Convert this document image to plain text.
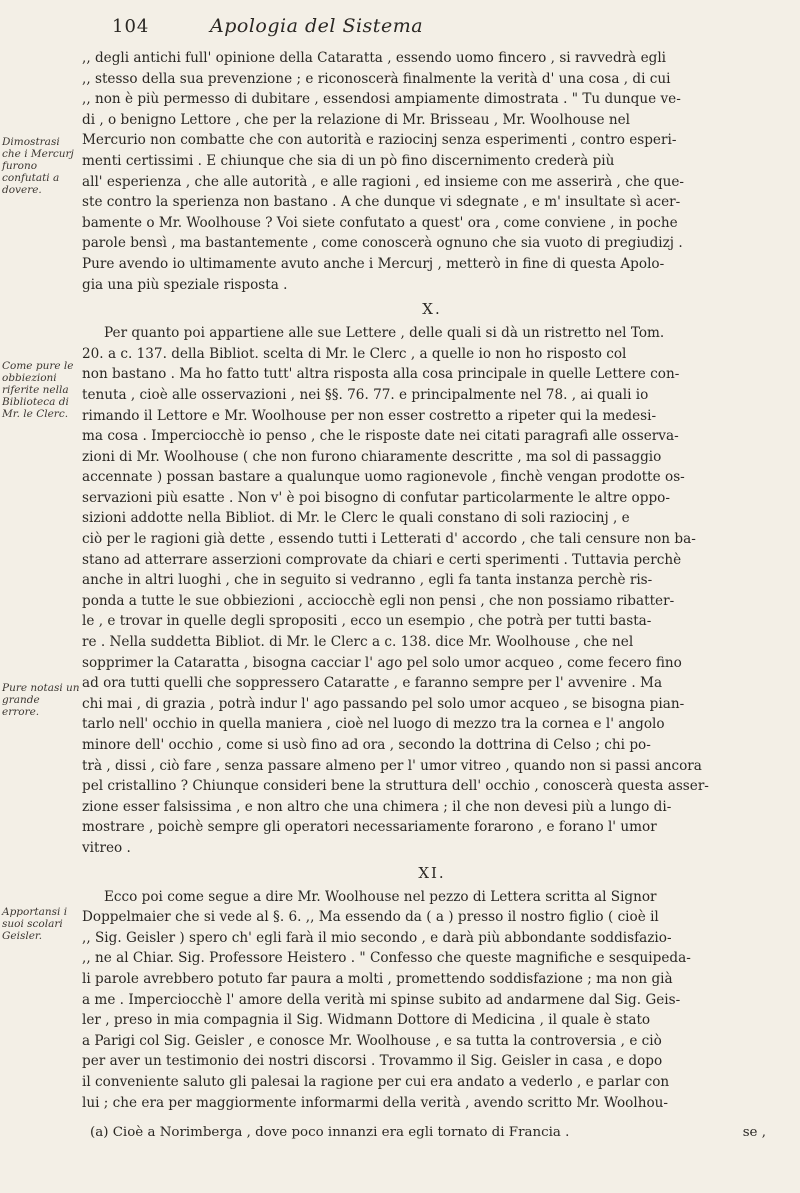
104	Apologia del Sistema
Dimostrasi che i Mercurj furono confutati a dovere.
Come pure le obbiezioni riferite nella Biblioteca di Mr. le Clerc.
Pure notasi un grande errore.
Apportansi i suoi scolari Geisler.
,, degli antichi full' opinione della Cataratta , essendo uomo fincero , si ravvedrà egli
,, stesso della sua prevenzione ; e riconoscerà finalmente la verità d' una cosa , di cui
,, non è più permesso di dubitare , essendosi ampiamente dimostrata . " Tu dunque ve-
di , o benigno Lettore , che per la relazione di Mr. Brisseau , Mr. Woolhouse nel
Mercurio non combatte che con autorità e raziocinj senza esperimenti , contro esperi-
menti certissimi . E chiunque che sia di un pò fino discernimento crederà più
all' esperienza , che alle autorità , e alle ragioni , ed insieme con me asserirà , che que-
ste contro la sperienza non bastano . A che dunque vi sdegnate , e m' insultate sì acer-
bamente o Mr. Woolhouse ? Voi siete confutato a quest' ora , come conviene , in poche
parole bensì , ma bastantemente , come conoscerà ognuno che sia vuoto di pregiudizj .
Pure avendo io ultimamente avuto anche i Mercurj , metterò in fine di questa Apolo-
gia una più speziale risposta .
X.
Per quanto poi appartiene alle sue Lettere , delle quali si dà un ristretto nel Tom.
20. a c. 137. della Bibliot. scelta di Mr. le Clerc , a quelle io non ho risposto col
non bastano . Ma ho fatto tutt' altra risposta alla cosa principale in quelle Lettere con-
tenuta , cioè alle osservazioni , nei §§. 76. 77. e principalmente nel 78. , ai quali io
rimando il Lettore e Mr. Woolhouse per non esser costretto a ripeter qui la medesi-
ma cosa . Imperciocchè io penso , che le risposte date nei citati paragrafi alle osserva-
zioni di Mr. Woolhouse ( che non furono chiaramente descritte , ma sol di passaggio
accennate ) possan bastare a qualunque uomo ragionevole , finchè vengan prodotte os-
servazioni più esatte . Non v' è poi bisogno di confutar particolarmente le altre oppo-
sizioni addotte nella Bibliot. di Mr. le Clerc le quali constano di soli raziocinj , e
ciò per le ragioni già dette , essendo tutti i Letterati d' accordo , che tali censure non ba-
stano ad atterrare asserzioni comprovate da chiari e certi sperimenti . Tuttavia perchè
anche in altri luoghi , che in seguito si vedranno , egli fa tanta instanza perchè ris-
ponda a tutte le sue obbiezioni , acciocchè egli non pensi , che non possiamo ribatter-
le , e trovar in quelle degli spropositi , ecco un esempio , che potrà per tutti basta-
re . Nella suddetta Bibliot. di Mr. le Clerc a c. 138. dice Mr. Woolhouse , che nel
sopprimer la Cataratta , bisogna cacciar l' ago pel solo umor acqueo , come fecero fino
ad ora tutti quelli che soppressero Cataratte , e faranno sempre per l' avvenire . Ma
chi mai , di grazia , potrà indur l' ago passando pel solo umor acqueo , se bisogna pian-
tarlo nell' occhio in quella maniera , cioè nel luogo di mezzo tra la cornea e l' angolo
minore dell' occhio , come si usò fino ad ora , secondo la dottrina di Celso ; chi po-
trà , dissi , ciò fare , senza passare almeno per l' umor vitreo , quando non si passi ancora
pel cristallino ? Chiunque consideri bene la struttura dell' occhio , conoscerà questa asser-
zione esser falsissima , e non altro che una chimera ; il che non devesi più a lungo di-
mostrare , poichè sempre gli operatori necessariamente forarono , e forano l' umor
vitreo .
XI.
Ecco poi come segue a dire Mr. Woolhouse nel pezzo di Lettera scritta al Signor
Doppelmaier che si vede al §. 6. ,, Ma essendo da ( a ) presso il nostro figlio ( cioè il
,, Sig. Geisler ) spero ch' egli farà il mio secondo , e darà più abbondante soddisfazio-
,, ne al Chiar. Sig. Professore Heistero . " Confesso che queste magnifiche e sesquipeda-
li parole avrebbero potuto far paura a molti , promettendo soddisfazione ; ma non già
a me . Imperciocchè l' amore della verità mi spinse subito ad andarmene dal Sig. Geis-
ler , preso in mia compagnia il Sig. Widmann Dottore di Medicina , il quale è stato
a Parigi col Sig. Geisler , e conosce Mr. Woolhouse , e sa tutta la controversia , e ciò
per aver un testimonio dei nostri discorsi . Trovammo il Sig. Geisler in casa , e dopo
il conveniente saluto gli palesai la ragione per cui era andato a vederlo , e parlar con
lui ; che era per maggiormente informarmi della verità , avendo scritto Mr. Woolhou-
(a) Cioè a Norimberga , dove poco innanzi era egli tornato di Francia .	se ,
